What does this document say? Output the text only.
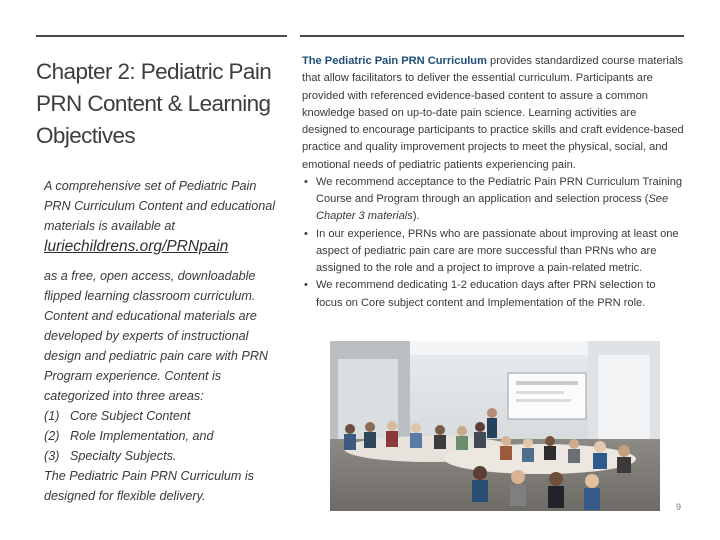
Chapter 2: Pediatric Pain PRN Content & Learning Objectives
A comprehensive set of Pediatric Pain PRN Curriculum Content and educational materials is available at
luriechildrens.org/PRNpain
as a free, open access, downloadable flipped learning classroom curriculum. Content and educational materials are developed by experts of instructional design and pediatric pain care with PRN Program experience. Content is categorized into three areas:
(1) Core Subject Content
(2) Role Implementation, and
(3) Specialty Subjects.
The Pediatric Pain PRN Curriculum is designed for flexible delivery.

The Pediatric Pain PRN Curriculum provides standardized course materials that allow facilitators to deliver the essential curriculum. Participants are provided with referenced evidence-based content to assure a common knowledge based on up-to-date pain science. Learning activities are designed to encourage participants to practice skills and craft evidence-based practice and quality improvement projects to meet the physical, social, and emotional needs of pediatric patients experiencing pain.

• We recommend acceptance to the Pediatric Pain PRN Curriculum Training Course and Program through an application and selection process (See Chapter 3 materials).
• In our experience, PRNs who are passionate about improving at least one aspect of pediatric pain care are more successful than PRNs who are assigned to the role and a project to improve a pain-related metric.
• We recommend dedicating 1-2 education days after PRN selection to focus on Core subject content and Implementation of the PRN role.
9
